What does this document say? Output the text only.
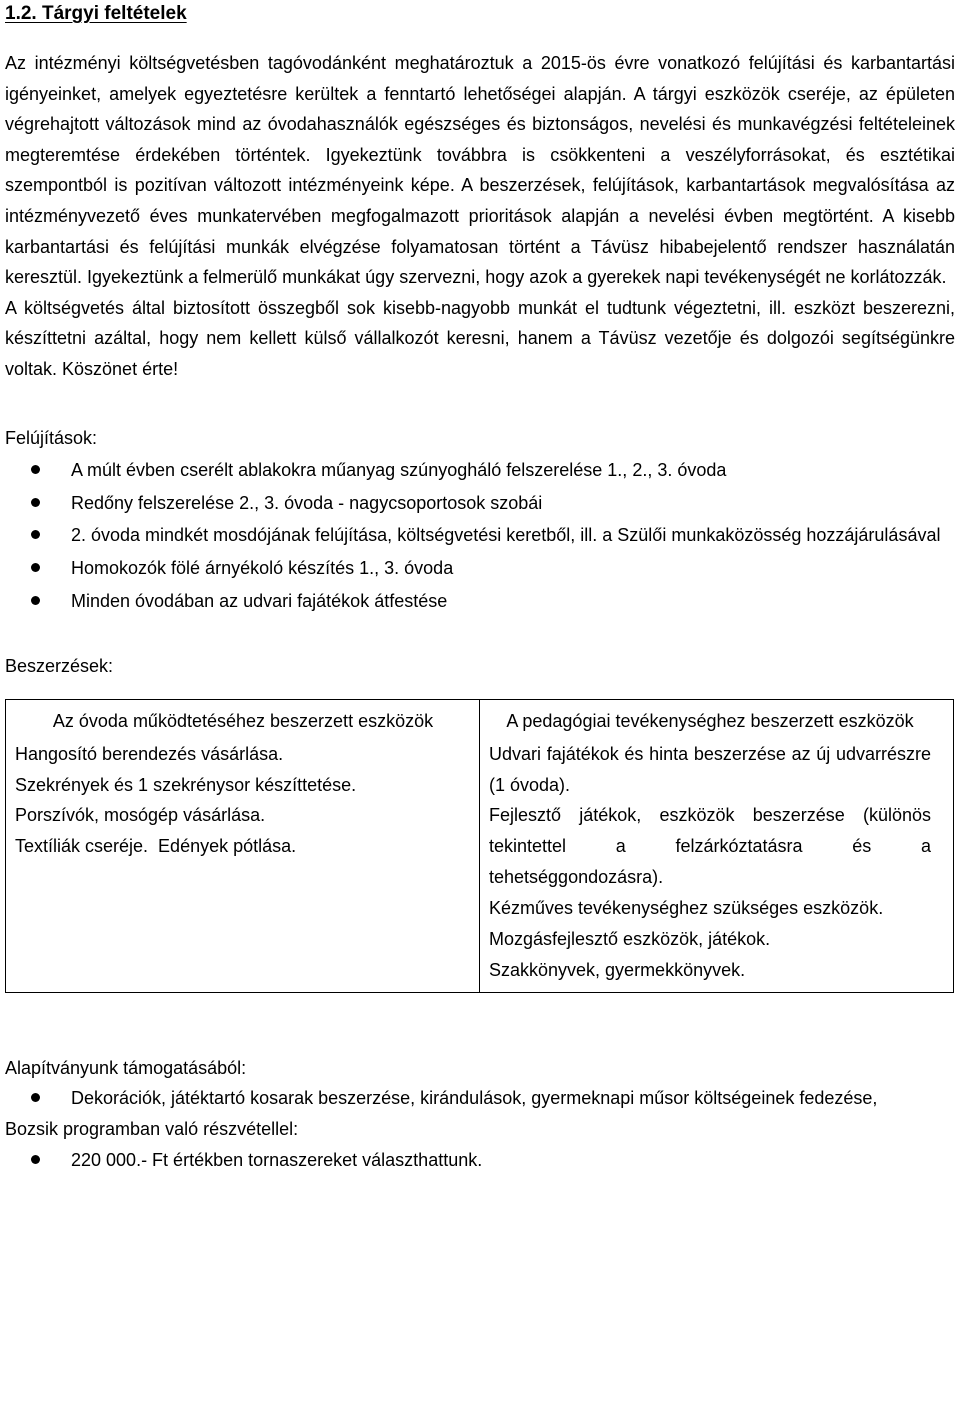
1.2. Tárgyi feltételek

Az intézményi költségvetésben tagóvodánként meghatároztuk a 2015-ös évre vonatkozó felújítási és karbantartási igényeinket, amelyek egyeztetésre kerültek a fenntartó lehetőségei alapján. A tárgyi eszközök cseréje, az épületen végrehajtott változások mind az óvodahasználók egészséges és biztonságos, nevelési és munkavégzési feltételeinek megteremtése érdekében történtek. Igyekeztünk továbbra is csökkenteni a veszélyforrásokat, és esztétikai szempontból is pozitívan változott intézményeink képe. A beszerzések, felújítások, karbantartások megvalósítása az intézményvezető éves munkatervében megfogalmazott prioritások alapján a nevelési évben megtörtént. A kisebb karbantartási és felújítási munkák elvégzése folyamatosan történt a Távüsz hibabejelentő rendszer használatán keresztül. Igyekeztünk a felmerülő munkákat úgy szervezni, hogy azok a gyerekek napi tevékenységét ne korlátozzák.

A költségvetés által biztosított összegből sok kisebb-nagyobb munkát el tudtunk végeztetni, ill. eszközt beszerezni, készíttetni azáltal, hogy nem kellett külső vállalkozót keresni, hanem a Távüsz vezetője és dolgozói segítségünkre voltak. Köszönet érte!

Felújítások:

A múlt évben cserélt ablakokra műanyag szúnyogháló felszerelése 1., 2., 3. óvoda
Redőny felszerelése 2., 3. óvoda - nagycsoportosok szobái
2. óvoda mindkét mosdójának felújítása, költségvetési keretből, ill. a Szülői munkaközösség hozzájárulásával
Homokozók fölé árnyékoló készítés 1., 3. óvoda
Minden óvodában az udvari fajátékok átfestése

Beszerzések:

Az óvoda működtetéséhez beszerzett eszközök
Hangosító berendezés vásárlása.
Szekrények és 1 szekrénysor készíttetése.
Porszívók, mosógép vásárlása.
Textíliák cseréje.  Edények pótlása.
A pedagógiai tevékenységhez beszerzett eszközök
Udvari fajátékok és hinta beszerzése az új udvarrészre (1 óvoda).
Fejlesztő játékok, eszközök beszerzése (különös tekintettel a felzárkóztatásra és a tehetséggondozásra).
Kézműves tevékenységhez szükséges eszközök.
Mozgásfejlesztő eszközök, játékok.
Szakkönyvek, gyermekkönyvek.

Alapítványunk támogatásából:

Dekorációk, játéktartó kosarak beszerzése, kirándulások, gyermeknapi műsor költségeinek fedezése,

Bozsik programban való részvétellel:

220 000.- Ft értékben tornaszereket választhattunk.
